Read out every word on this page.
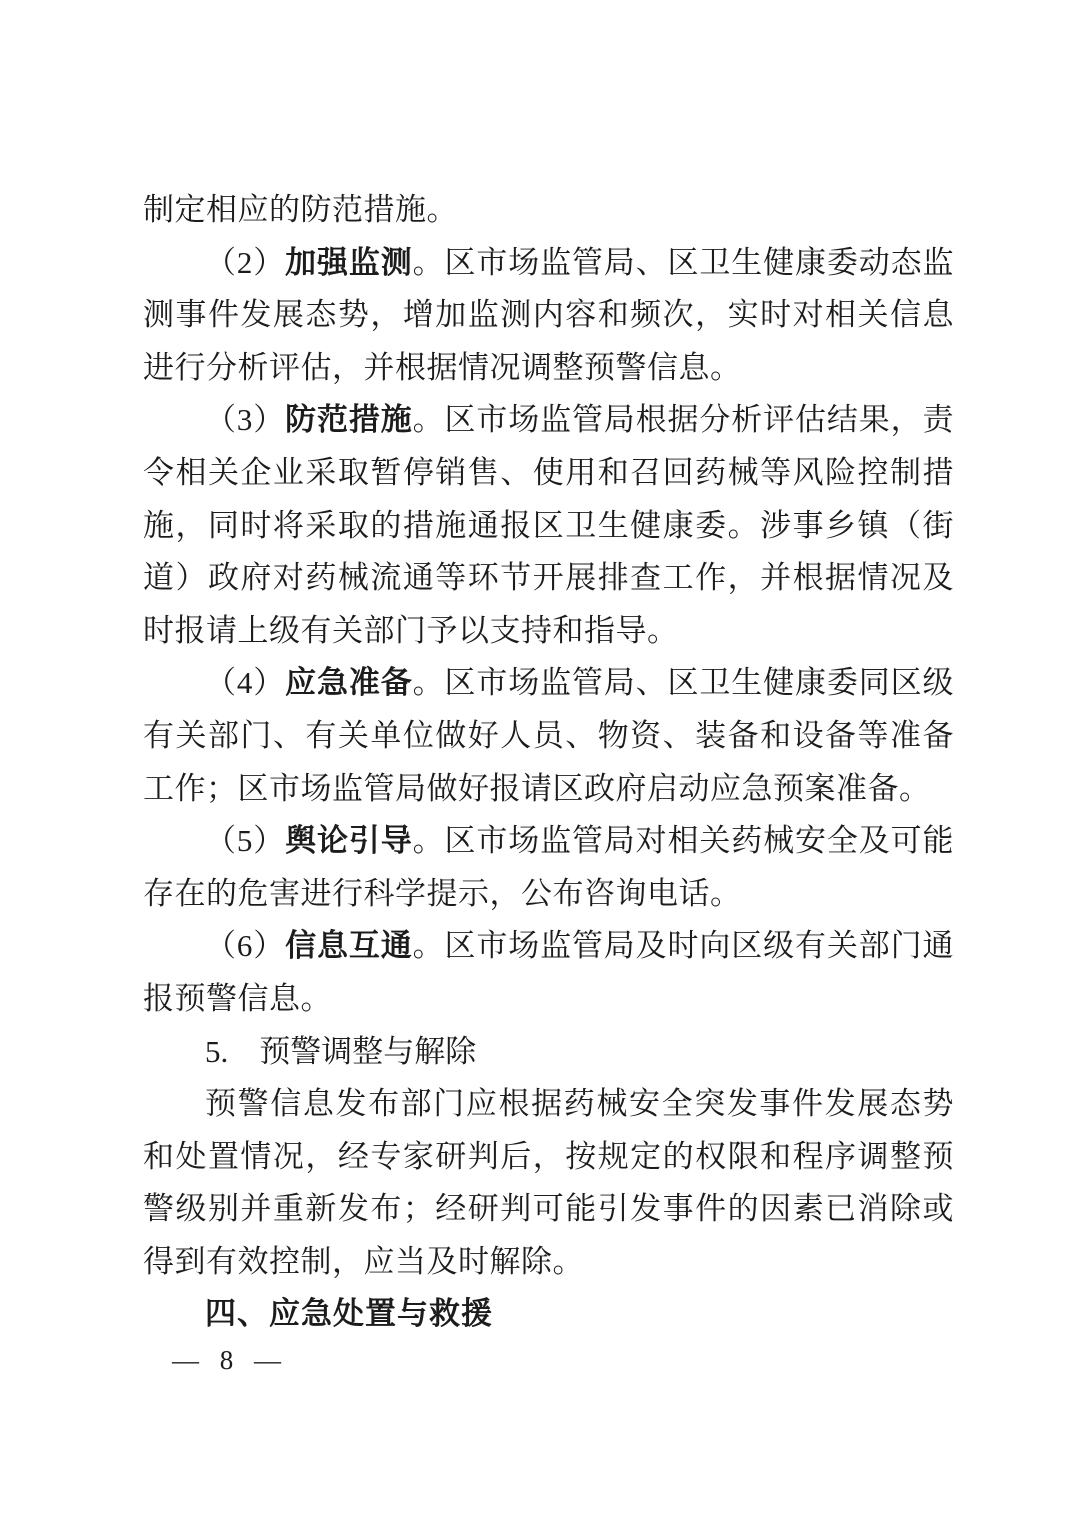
制定相应的防范措施。

（2）加强监测。区市场监管局、区卫生健康委动态监测事件发展态势，增加监测内容和频次，实时对相关信息进行分析评估，并根据情况调整预警信息。

（3）防范措施。区市场监管局根据分析评估结果，责令相关企业采取暂停销售、使用和召回药械等风险控制措施，同时将采取的措施通报区卫生健康委。涉事乡镇（街道）政府对药械流通等环节开展排查工作，并根据情况及时报请上级有关部门予以支持和指导。

（4）应急准备。区市场监管局、区卫生健康委同区级有关部门、有关单位做好人员、物资、装备和设备等准备工作；区市场监管局做好报请区政府启动应急预案准备。

（5）舆论引导。区市场监管局对相关药械安全及可能存在的危害进行科学提示，公布咨询电话。

（6）信息互通。区市场监管局及时向区级有关部门通报预警信息。

5.　预警调整与解除

预警信息发布部门应根据药械安全突发事件发展态势和处置情况，经专家研判后，按规定的权限和程序调整预警级别并重新发布；经研判可能引发事件的因素已消除或得到有效控制，应当及时解除。

四、应急处置与救援

— 8 —
